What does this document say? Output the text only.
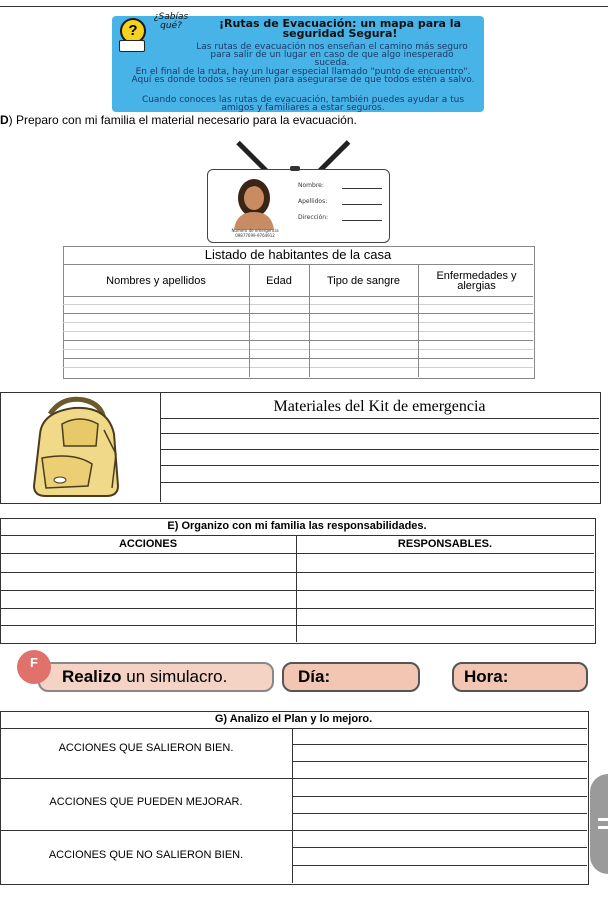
?
¿Sabías qué?	¡Rutas de Evacuación: un mapa para la seguridad Segura!
Las rutas de evacuación nos enseñan el camino más seguro para salir de un lugar en caso de que algo inesperado suceda.
En el final de la ruta, hay un lugar especial llamado "punto de encuentro". Aquí es donde todos se reúnen para asegurarse de que todos estén a salvo.
Cuando conoces las rutas de evacuación, también puedes ayudar a tus amigos y familiares a estar seguros.
D) Preparo con mi familia el material necesario para la evacuación.
Nombre:
Apellidos:
Dirección:
Numero de emergencia
09877699-9764912
Listado de habitantes de la casa
Nombres y apellidos	Edad	Tipo de sangre	Enfermedades y alergias
Materiales del Kit de emergencia
E) Organizo con mi familia las responsabilidades.
ACCIONES	RESPONSABLES.
Realizo un simulacro.
F
Día:	Hora:
G) Analizo el Plan y lo mejoro.
ACCIONES QUE SALIERON BIEN.
ACCIONES QUE PUEDEN MEJORAR.
ACCIONES QUE NO SALIERON BIEN.
